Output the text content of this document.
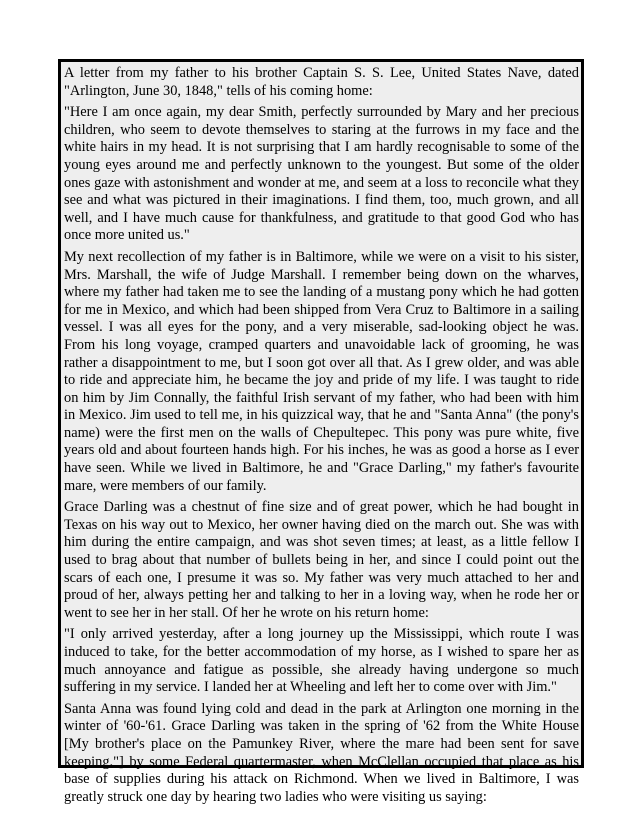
A letter from my father to his brother Captain S. S. Lee, United States Nave, dated "Arlington, June 30, 1848," tells of his coming home:

"Here I am once again, my dear Smith, perfectly surrounded by Mary and her precious children, who seem to devote themselves to staring at the furrows in my face and the white hairs in my head. It is not surprising that I am hardly recognisable to some of the young eyes around me and perfectly unknown to the youngest. But some of the older ones gaze with astonishment and wonder at me, and seem at a loss to reconcile what they see and what was pictured in their imaginations. I find them, too, much grown, and all well, and I have much cause for thankfulness, and gratitude to that good God who has once more united us."

My next recollection of my father is in Baltimore, while we were on a visit to his sister, Mrs. Marshall, the wife of Judge Marshall. I remember being down on the wharves, where my father had taken me to see the landing of a mustang pony which he had gotten for me in Mexico, and which had been shipped from Vera Cruz to Baltimore in a sailing vessel. I was all eyes for the pony, and a very miserable, sad-looking object he was. From his long voyage, cramped quarters and unavoidable lack of grooming, he was rather a disappointment to me, but I soon got over all that. As I grew older, and was able to ride and appreciate him, he became the joy and pride of my life. I was taught to ride on him by Jim Connally, the faithful Irish servant of my father, who had been with him in Mexico. Jim used to tell me, in his quizzical way, that he and "Santa Anna" (the pony's name) were the first men on the walls of Chepultepec. This pony was pure white, five years old and about fourteen hands high. For his inches, he was as good a horse as I ever have seen. While we lived in Baltimore, he and "Grace Darling," my father's favourite mare, were members of our family.

Grace Darling was a chestnut of fine size and of great power, which he had bought in Texas on his way out to Mexico, her owner having died on the march out. She was with him during the entire campaign, and was shot seven times; at least, as a little fellow I used to brag about that number of bullets being in her, and since I could point out the scars of each one, I presume it was so. My father was very much attached to her and proud of her, always petting her and talking to her in a loving way, when he rode her or went to see her in her stall. Of her he wrote on his return home:

"I only arrived yesterday, after a long journey up the Mississippi, which route I was induced to take, for the better accommodation of my horse, as I wished to spare her as much annoyance and fatigue as possible, she already having undergone so much suffering in my service. I landed her at Wheeling and left her to come over with Jim."

Santa Anna was found lying cold and dead in the park at Arlington one morning in the winter of '60-'61. Grace Darling was taken in the spring of '62 from the White House [My brother's place on the Pamunkey River, where the mare had been sent for save keeping."] by some Federal quartermaster, when McClellan occupied that place as his base of supplies during his attack on Richmond. When we lived in Baltimore, I was greatly struck one day by hearing two ladies who were visiting us saying:
